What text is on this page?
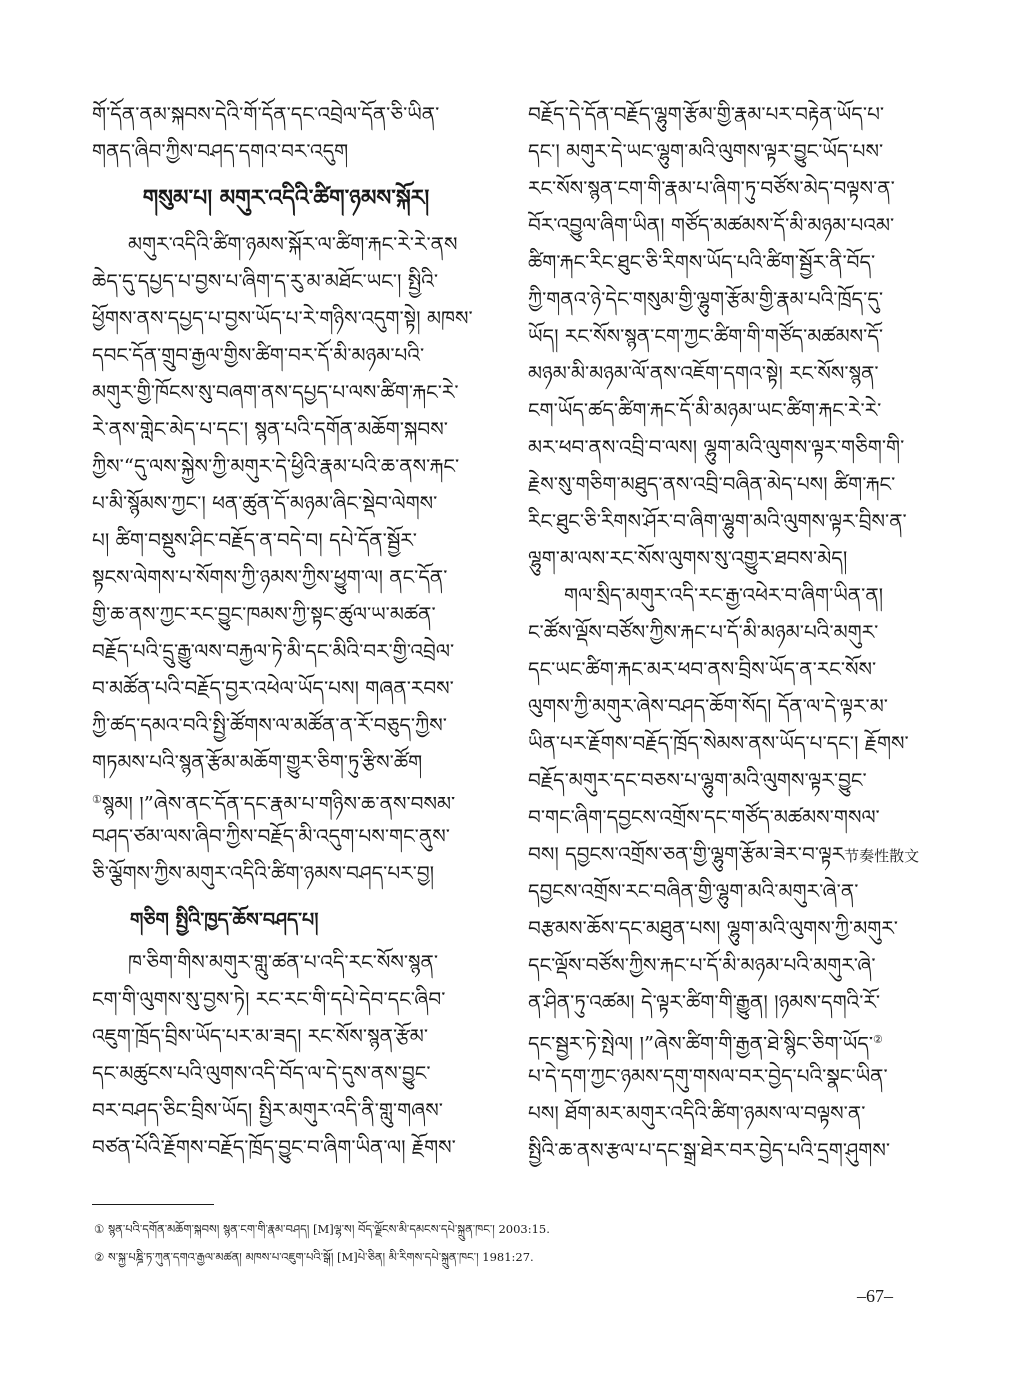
གོ་དོན་ནམ་སྐབས་དེའི་གོ་དོན་དང་འབྲེལ་དོན་ཅི་ཡིན་
གནད་ཞིབ་ཀྱིས་བཤད་དགའ་བར་འདུག
གསུམ་པ། མགུར་འདིའི་ཚིག་ཉམས་སྐོར།
མགུར་འདིའི་ཚིག་ཉམས་སྐོར་ལ་ཚིག་རྐང་རེ་རེ་ནས
ཆེད་དུ་དཔྱད་པ་བྱས་པ་ཞིག་ད་རུ་མ་མཐོང་ཡང་། སྤྱིའི་
ཕྱོགས་ནས་དཔྱད་པ་བྱས་ཡོད་པ་རེ་གཉིས་འདུག་སྟེ། མཁས་
དབང་དོན་གྲུབ་རྒྱལ་གྱིས་ཚིག་བར་དོ་མི་མཉམ་པའི་
མགུར་གྱི་ཁོངས་སུ་བཞག་ནས་དཔྱད་པ་ལས་ཚིག་རྐང་རེ་
རེ་ནས་གླེང་མེད་པ་དང་། སྙན་པའི་དགོན་མཆོག་སྐབས་
ཀྱིས་“དུ་ལས་སྐྱེས་ཀྱི་མགུར་དེ་ཕྱིའི་རྣམ་པའི་ཆ་ནས་རྐང་
པ་མི་སྙོམས་ཀྱང་། ཕན་ཚུན་དོ་མཉམ་ཞིང་སྡེབ་ལེགས་
པ། ཚིག་བསྡུས་ཤིང་བརྗོད་ན་བདེ་བ། དཔེ་དོན་སྦྱོར་
སྟངས་ལེགས་པ་སོགས་ཀྱི་ཉམས་ཀྱིས་ཕྱུག་ལ། ནང་དོན་
གྱི་ཆ་ནས་ཀྱང་རང་བྱུང་ཁམས་ཀྱི་སྟང་ཚུལ་ཡ་མཚན་
བརྗོད་པའི་དྲུ་རྒྱུ་ལས་བརྐྱལ་ཏེ་མི་དང་མིའི་བར་གྱི་འབྲེལ་
བ་མཚོན་པའི་བརྗོད་བྱར་འཕེལ་ཡོད་པས། གཞན་རབས་
ཀྱི་ཚད་དམའ་བའི་སྤྱི་ཚོགས་ལ་མཚོན་ན་རོ་བཅུད་ཀྱིས་
གཏམས་པའི་སྙན་རྩོམ་མཆོག་གྱུར་ཅིག་ཏུ་རྩིས་ཚོག
①སྙམ། །”ཞེས་ནང་དོན་དང་རྣམ་པ་གཉིས་ཆ་ནས་བསམ་
བཤད་ཙམ་ལས་ཞིབ་ཀྱིས་བརྗོད་མི་འདུག་པས་གང་ནུས་
ཅི་ལྕོགས་ཀྱིས་མགུར་འདིའི་ཚིག་ཉམས་བཤད་པར་བྱ།
གཅིག སྤྱིའི་ཁྱད་ཆོས་བཤད་པ།
ཁ་ཅིག་གིས་མགུར་གླུ་ཚན་པ་འདི་རང་སོས་སྙན་
ངག་གི་ལུགས་སུ་བྱས་ཏེ། རང་རང་གི་དཔེ་དེབ་དང་ཞིབ་
འཇུག་ཁྲོད་བྲིས་ཡོད་པར་མ་ཟད། རང་སོས་སྙན་རྩོམ་
དང་མཚུངས་པའི་ལུགས་འདི་བོད་ལ་དེ་དུས་ནས་བྱུང་
བར་བཤད་ཅིང་བྲིས་ཡོད། སྤྱིར་མགུར་འདི་ནི་གླུ་གཞས་
བཙན་པོའི་རྗོགས་བརྗོད་ཁྲོད་བྱུང་བ་ཞིག་ཡིན་ལ། རྗོགས་
བརྗོད་དེ་དོན་བརྗོད་ལྷུག་རྩོམ་གྱི་རྣམ་པར་བརྟེན་ཡོད་པ་
དང་། མགུར་དེ་ཡང་ལྷུག་མའི་ལུགས་ལྟར་བྱུང་ཡོད་པས་
རང་སོས་སྙན་ངག་གི་རྣམ་པ་ཞིག་ཏུ་བཙོས་མེད་བལྟས་ན་
བོར་འབྱུལ་ཞིག་ཡིན། གཙོད་མཚམས་དོ་མི་མཉམ་པའམ་
ཚིག་རྐང་རིང་ཐུང་ཅི་རིགས་ཡོད་པའི་ཚིག་སྦྱོར་ནི་བོད་
ཀྱི་གནའ་ཉེ་དེང་གསུམ་གྱི་ལྷུག་རྩོམ་གྱི་རྣམ་པའི་ཁྲོད་དུ་
ཡོད། རང་སོས་སྙན་ངག་ཀྱང་ཚིག་གི་གཙོད་མཚམས་དོ་
མཉམ་མི་མཉམ་ལོ་ནས་འཇོག་དགའ་སྟེ། རང་སོས་སྙན་
ངག་ཡོད་ཚད་ཚིག་རྐང་དོ་མི་མཉམ་ཡང་ཚིག་རྐང་རེ་རེ་
མར་ཕབ་ནས་འབྲི་བ་ལས། ལྷུག་མའི་ལུགས་ལྟར་གཅིག་གི་
རྗེས་སུ་གཅིག་མཐུད་ནས་འབྲི་བཞིན་མེད་པས། ཚིག་རྐང་
རིང་ཐུང་ཅི་རིགས་ཤོར་བ་ཞིག་ལྷུག་མའི་ལུགས་ལྟར་བྲིས་ན་
ལྷུག་མ་ལས་རང་སོས་ལུགས་སུ་འགྱུར་ཐབས་མེད།
གལ་སྲིད་མགུར་འདི་རང་རྒྱ་འཕེར་བ་ཞིག་ཡིན་ན།
ང་ཚོས་ལྡོས་བཙོས་ཀྱིས་རྐང་པ་དོ་མི་མཉམ་པའི་མགུར་
དང་ཡང་ཚིག་རྐང་མར་ཕབ་ནས་བྲིས་ཡོད་ན་རང་སོས་
ལུགས་ཀྱི་མགུར་ཞེས་བཤད་ཆོག་སོད། དོན་ལ་དེ་ལྟར་མ་
ཡིན་པར་རྗོགས་བརྗོད་ཁྲོད་སེམས་ནས་ཡོད་པ་དང་། རྗོགས་
བརྗོད་མགུར་དང་བཅས་པ་ལྷུག་མའི་ལུགས་ལྟར་བྱུང་
བ་གང་ཞིག་དབྱངས་འགྲོས་དང་གཙོད་མཚམས་གསལ་
བས། དབྱངས་འགྲོས་ཅན་གྱི་ལྷུག་རྩོམ་ཟེར་བ་ལྟར节奏性散文
དབྱངས་འགྲོས་རང་བཞིན་གྱི་ལྷུག་མའི་མགུར་ཞེ་ན་
བརྩམས་ཆོས་དང་མཐུན་པས། ལྷུག་མའི་ལུགས་ཀྱི་མགུར་
དང་ལྡོས་བཙོས་ཀྱིས་རྐང་པ་དོ་མི་མཉམ་པའི་མགུར་ཞེ་
ན་ཤིན་ཏུ་འཚམ། དེ་ལྟར་ཚིག་གི་རྒྱུན། །ཉམས་དགའི་རོ་
དང་སྦྱར་ཏེ་སྤེལ། །”ཞེས་ཚིག་གི་རྒྱན་ཐེ་སྙིང་ཅིག་ཡོད་②
པ་དེ་དག་ཀྱང་ཉམས་དགུ་གསལ་བར་བྱེད་པའི་སྣང་ཡིན་
པས། ཐོག་མར་མགུར་འདིའི་ཚིག་ཉམས་ལ་བལྟས་ན་
སྤྱིའི་ཆ་ནས་རྩལ་པ་དང་སྒྲ་ཐེར་བར་བྱེད་པའི་དྲག་ཤུགས་
① སྙན་པའི་དགོན་མཆོག་སྐབས། སྙན་ངག་གི་རྣམ་བཤད། [M]ལྷ་ས། བོད་ལྗོངས་མི་དམངས་དཔེ་སྐྲུན་ཁང་། 2003:15.
② ས་སྐྱ་པཎྜི་ཏ་ཀུན་དགའ་རྒྱལ་མཚན། མཁས་པ་འཇུག་པའི་སྒོ། [M]པེ་ཅིན། མི་རིགས་དཔེ་སྐྲུན་ཁང་། 1981:27.
–67–
